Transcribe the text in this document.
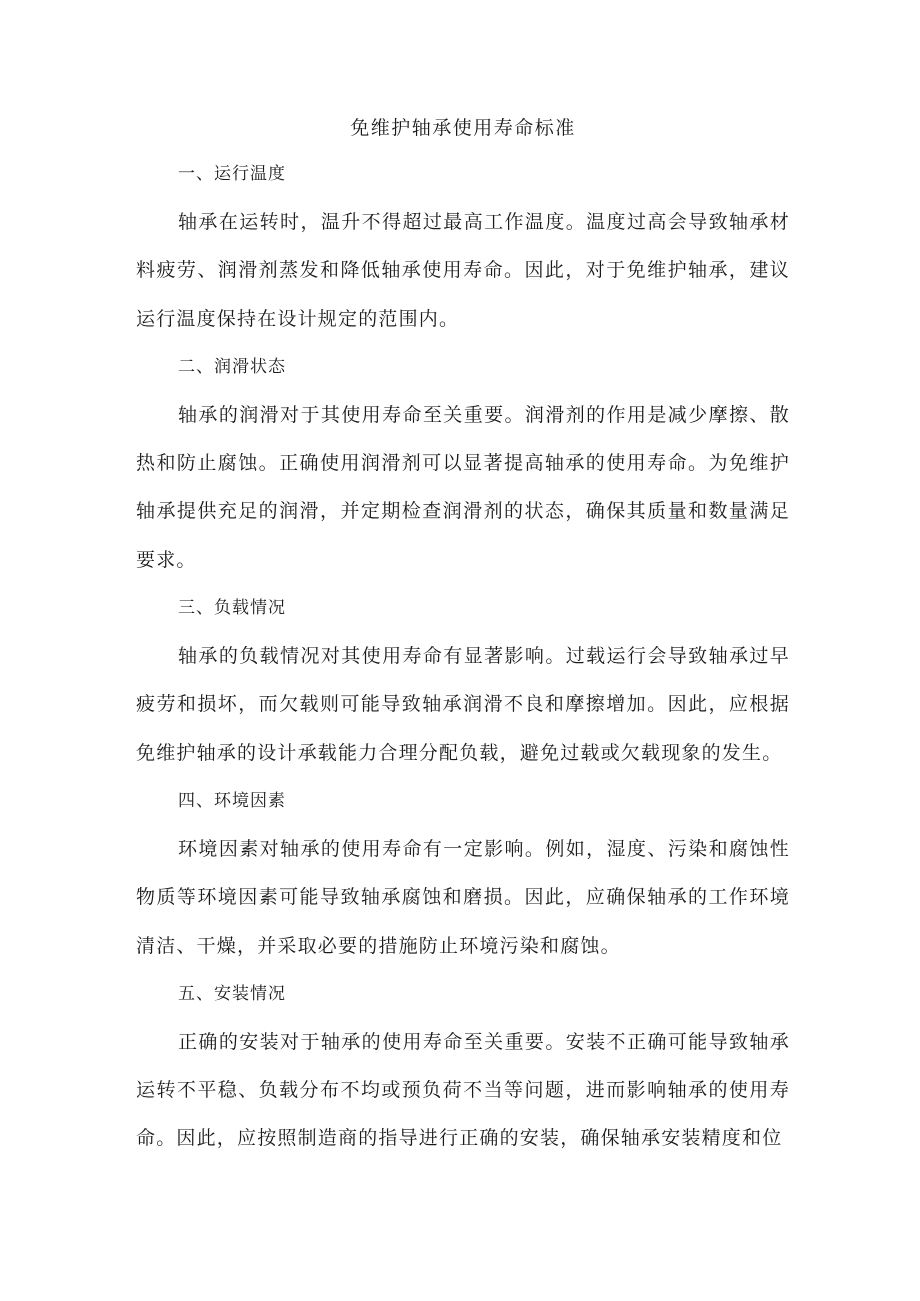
免维护轴承使用寿命标准
一、运行温度

轴承在运转时，温升不得超过最高工作温度。温度过高会导致轴承材料疲劳、润滑剂蒸发和降低轴承使用寿命。因此，对于免维护轴承，建议运行温度保持在设计规定的范围内。

二、润滑状态

轴承的润滑对于其使用寿命至关重要。润滑剂的作用是减少摩擦、散热和防止腐蚀。正确使用润滑剂可以显著提高轴承的使用寿命。为免维护轴承提供充足的润滑，并定期检查润滑剂的状态，确保其质量和数量满足要求。

三、负载情况

轴承的负载情况对其使用寿命有显著影响。过载运行会导致轴承过早疲劳和损坏，而欠载则可能导致轴承润滑不良和摩擦增加。因此，应根据免维护轴承的设计承载能力合理分配负载，避免过载或欠载现象的发生。

四、环境因素

环境因素对轴承的使用寿命有一定影响。例如，湿度、污染和腐蚀性物质等环境因素可能导致轴承腐蚀和磨损。因此，应确保轴承的工作环境清洁、干燥，并采取必要的措施防止环境污染和腐蚀。

五、安装情况

正确的安装对于轴承的使用寿命至关重要。安装不正确可能导致轴承运转不平稳、负载分布不均或预负荷不当等问题，进而影响轴承的使用寿命。因此，应按照制造商的指导进行正确的安装，确保轴承安装精度和位
